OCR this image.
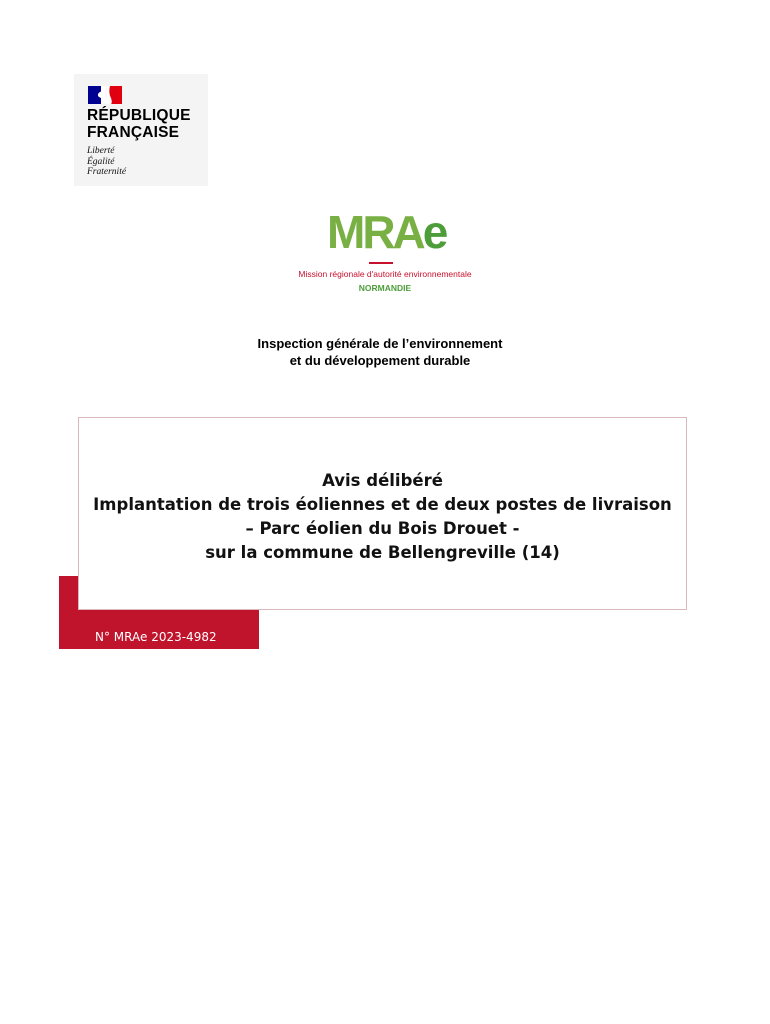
RÉPUBLIQUE
FRANÇAISE
Liberté
Égalité
Fraternité
MRAe
Mission régionale d'autorité environnementale
NORMANDIE
Inspection générale de l’environnement
et du développement durable
N° MRAe 2023-4982
Avis délibéré
Implantation de trois éoliennes et de deux postes de livraison
– Parc éolien du Bois Drouet -
sur la commune de Bellengreville (14)
